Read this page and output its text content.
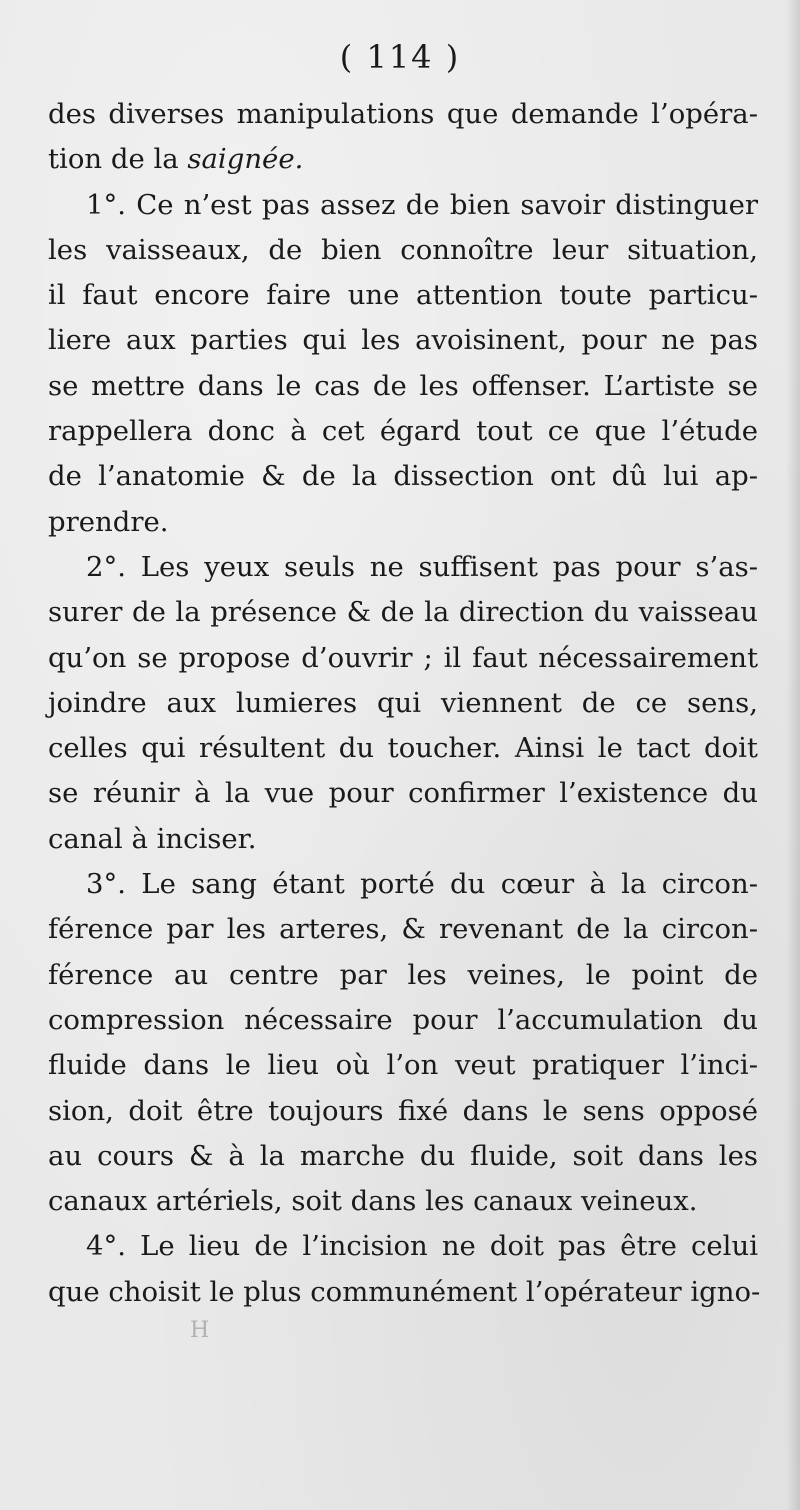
( 114 )
des diverses manipulations que demande l’opéra-
tion de la saignée.
1°. Ce n’est pas assez de bien savoir distinguer
les vaisseaux, de bien connoître leur situation,
il faut encore faire une attention toute particu-
liere aux parties qui les avoisinent, pour ne pas
se mettre dans le cas de les offenser. L’artiste se
rappellera donc à cet égard tout ce que l’étude
de l’anatomie & de la dissection ont dû lui ap-
prendre.
2°. Les yeux seuls ne suffisent pas pour s’as-
surer de la présence & de la direction du vaisseau
qu’on se propose d’ouvrir ; il faut nécessairement
joindre aux lumieres qui viennent de ce sens,
celles qui résultent du toucher. Ainsi le tact doit
se réunir à la vue pour confirmer l’existence du
canal à inciser.
3°. Le sang étant porté du cœur à la circon-
férence par les arteres, & revenant de la circon-
férence au centre par les veines, le point de
compression nécessaire pour l’accumulation du
fluide dans le lieu où l’on veut pratiquer l’inci-
sion, doit être toujours fixé dans le sens opposé
au cours & à la marche du fluide, soit dans les
canaux artériels, soit dans les canaux veineux.
4°. Le lieu de l’incision ne doit pas être celui
que choisit le plus communément l’opérateur igno-
H
